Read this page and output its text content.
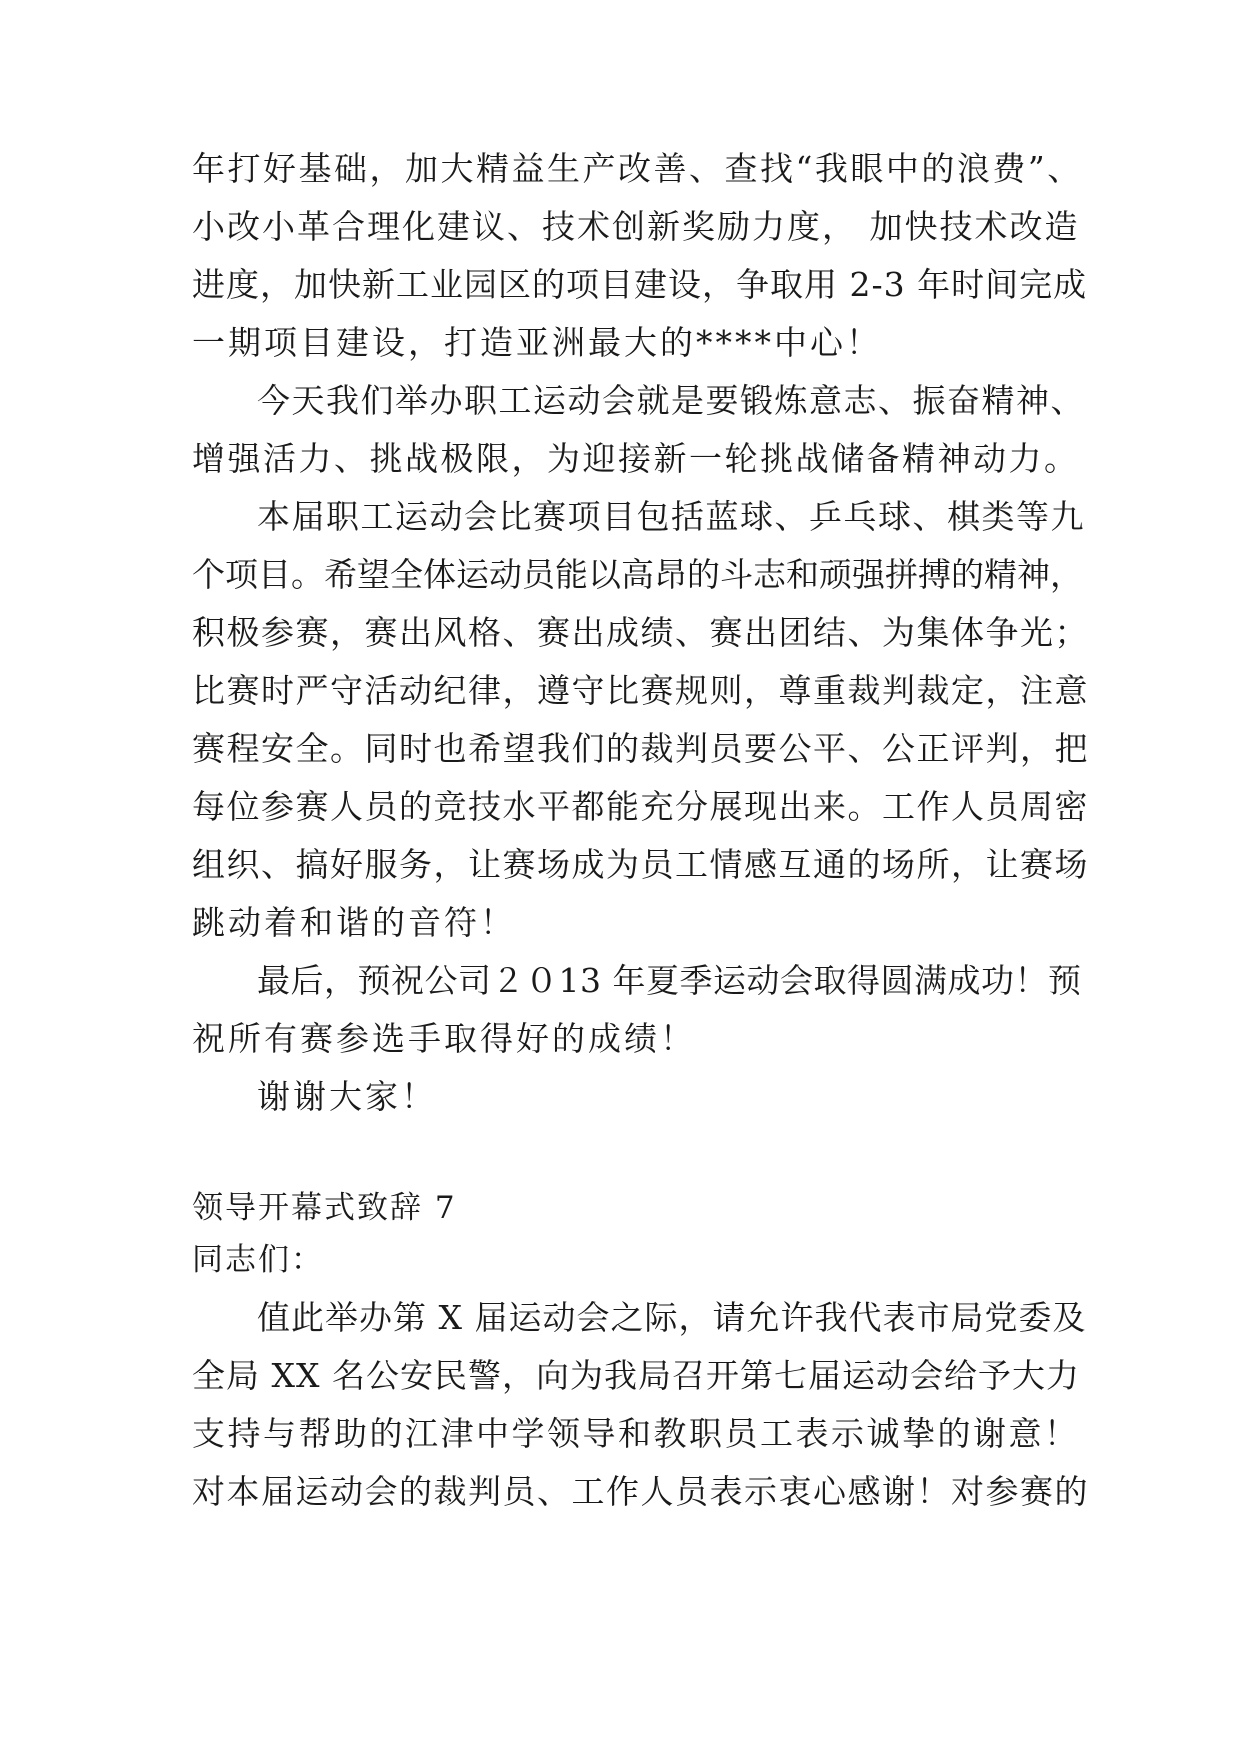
年打好基础，加大精益生产改善、查找“我眼中的浪费”、
小改小革合理化建议、技术创新奖励力度， 加快技术改造
进度，加快新工业园区的项目建设，争取用 2-3 年时间完成
一期项目建设，打造亚洲最大的****中心！
今天我们举办职工运动会就是要锻炼意志、振奋精神、
增强活力、挑战极限，为迎接新一轮挑战储备精神动力。
本届职工运动会比赛项目包括蓝球、乒乓球、棋类等九
个项目。希望全体运动员能以高昂的斗志和顽强拼搏的精神，
积极参赛，赛出风格、赛出成绩、赛出团结、为集体争光；
比赛时严守活动纪律，遵守比赛规则，尊重裁判裁定，注意
赛程安全。同时也希望我们的裁判员要公平、公正评判，把
每位参赛人员的竞技水平都能充分展现出来。工作人员周密
组织、搞好服务，让赛场成为员工情感互通的场所，让赛场
跳动着和谐的音符！
最后，预祝公司２０13 年夏季运动会取得圆满成功！预
祝所有赛参选手取得好的成绩！
谢谢大家！
领导开幕式致辞 7
同志们：
值此举办第 X 届运动会之际，请允许我代表市局党委及
全局 XX 名公安民警，向为我局召开第七届运动会给予大力
支持与帮助的江津中学领导和教职员工表示诚挚的谢意！
对本届运动会的裁判员、工作人员表示衷心感谢！对参赛的
